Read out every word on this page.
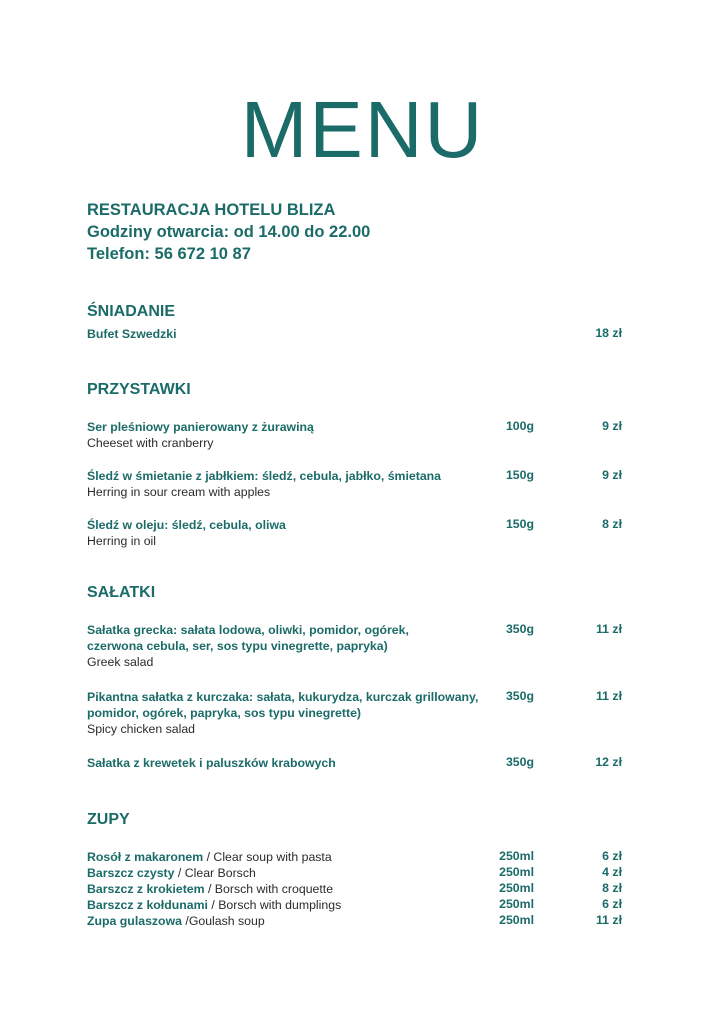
MENU
RESTAURACJA HOTELU BLIZA
Godziny otwarcia: od 14.00 do 22.00
Telefon: 56 672 10 87
ŚNIADANIE
Bufet Szwedzki	18 zł
PRZYSTAWKI
Ser pleśniowy panierowany z żurawiną
Cheeset with cranberry
100g	9 zł
Śledź w śmietanie z jabłkiem: śledź, cebula, jabłko, śmietana
Herring in sour cream with apples
150g	9 zł
Śledź w oleju: śledź, cebula, oliwa
Herring in oil
150g	8 zł
SAŁATKI
Sałatka grecka: sałata lodowa, oliwki, pomidor, ogórek,
czerwona cebula, ser, sos typu vinegrette, papryka)
Greek salad
350g	11 zł
Pikantna sałatka z kurczaka: sałata, kukurydza, kurczak grillowany,
pomidor, ogórek, papryka, sos typu vinegrette)
Spicy chicken salad
350g	11 zł
Sałatka z krewetek i paluszków krabowych	350g	12 zł
ZUPY
Rosół z makaronem / Clear soup with pasta	250ml	6 zł
Barszcz czysty / Clear Borsch	250ml	4 zł
Barszcz z krokietem / Borsch with croquette	250ml	8 zł
Barszcz z kołdunami / Borsch with dumplings	250ml	6 zł
Zupa gulaszowa /Goulash soup	250ml	11 zł
